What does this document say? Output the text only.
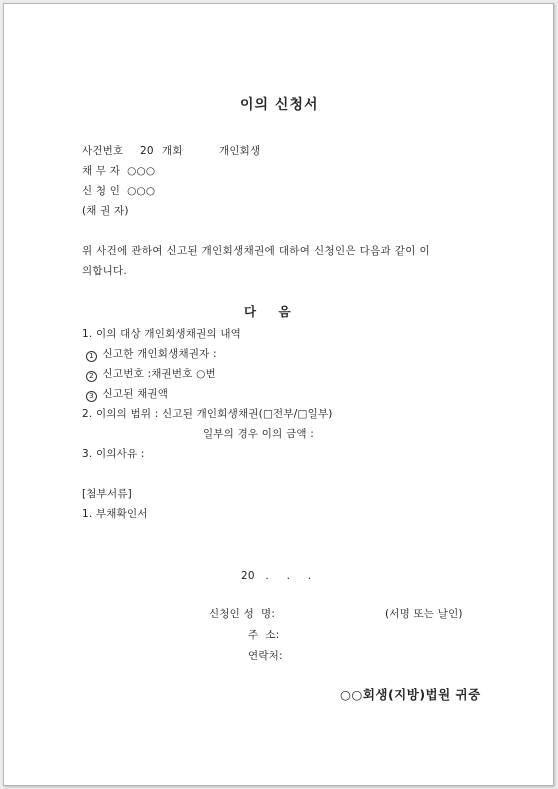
이의 신청서
사건번호 20 개회	개인회생
채 무 자  ○○○
신 청 인  ○○○
(채 권 자)
위 사건에 관하여 신고된 개인회생채권에 대하여 신청인은 다음과 같이 이
의합니다.
다    음
1. 이의 대상 개인회생채권의 내역
1 신고한 개인회생채권자 :
2 신고번호 :채권번호 ○번
3 신고된 채권액
2. 이의의 범위 : 신고된 개인회생채권(□전부/□일부)
일부의 경우 이의 금액 :
3. 이의사유 :
[첨부서류]
1. 부채확인서
20   .     .     .
신청인 성  명:	(서명 또는 날인)
주  소:
연락처:
○○회생(지방)법원 귀중
